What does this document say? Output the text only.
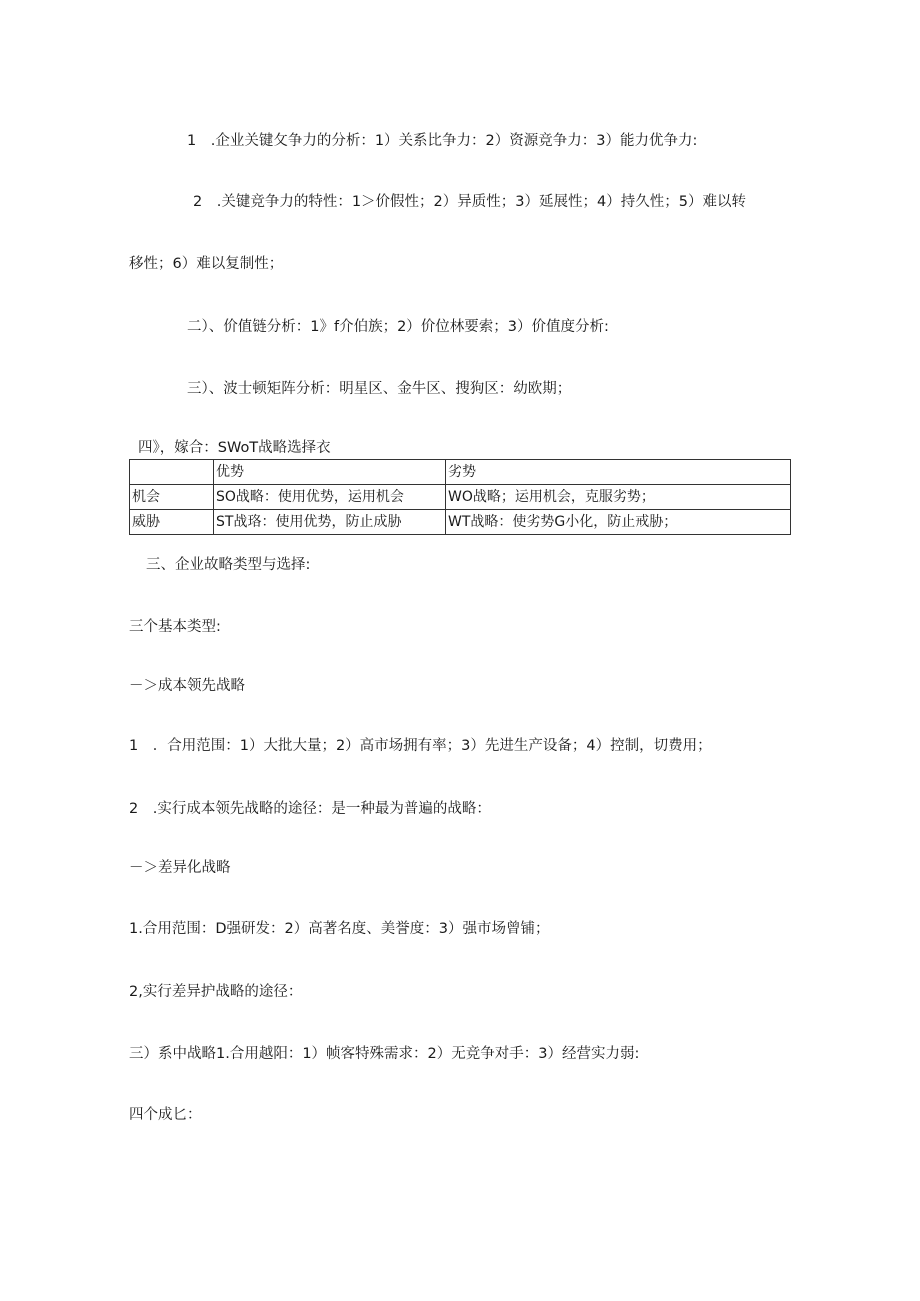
1　.企业关键攵争力的分析：1）关系比争力：2）资源竞争力：3）能力优争力:
2　.关键竞争力的特性：1＞价假性；2）异质性；3）延展性；4）持久性；5）难以转
移性；6）难以复制性；
二）、价值链分析：1》f介伯族；2）价位林要索；3）价值度分析:
三）、波士顿矩阵分析：明星区、金牛区、搜狗区：幼欧期；
四》，嫁合：SWoT战略选择衣
	优势	劣势
机会	SO战略：使用优势，运用机会	WO战略；运用机会，克服劣势；
威胁	ST战珞：使用优势，防止成胁	WT战略：使劣势G小化，防止戒胁；
三、企业故略类型与选择:
三个基本类型:
－＞成本领先战略
1　．合用范围：1）大批大量；2）高市场拥有率；3）先进生产设备；4）控制，切费用；
2　.实行成本领先战略的途径：是一种最为普遍的战略：
－＞差异化战略
1.合用范围：D强研发：2）高著名度、美誉度：3）强市场曾铺；
2,实行差异护战略的途径：
三）系中战略1.合用越阳：1）帧客特殊需求：2）无竞争对手：3）经营实力弱:
四个成匕：
